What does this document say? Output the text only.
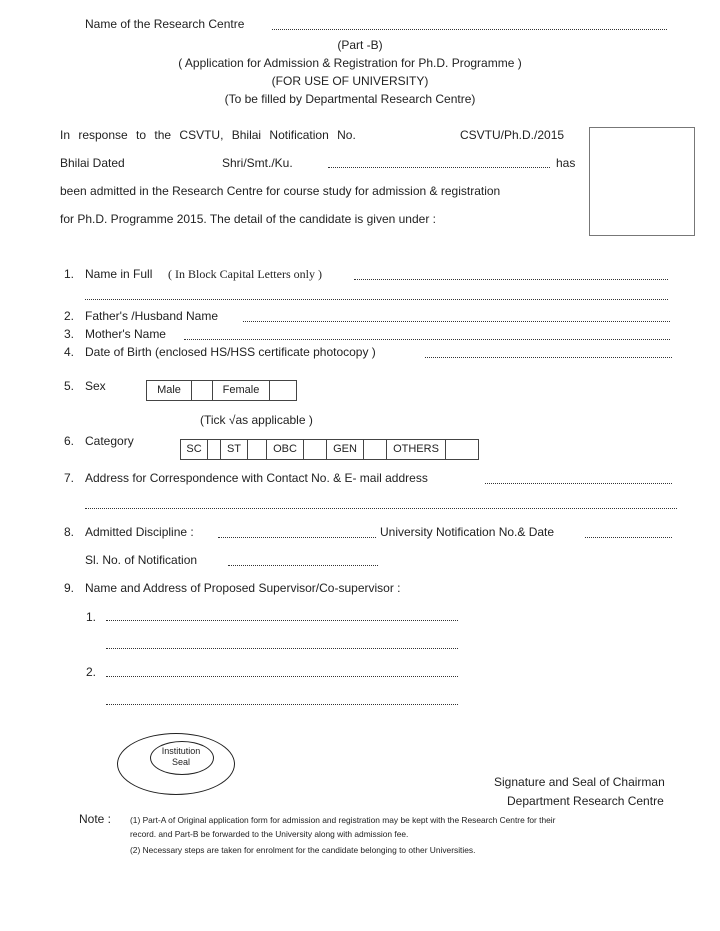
Name of the Research Centre
(Part -B)
( Application for Admission & Registration for Ph.D. Programme )
(FOR USE OF UNIVERSITY)
(To be filled by Departmental Research Centre)
In response to the CSVTU, Bhilai Notification No.	CSVTU/Ph.D./2015
Bhilai Dated	Shri/Smt./Ku.	has
been admitted in the Research Centre for course study for admission & registration
for Ph.D. Programme 2015. The detail of the candidate is given under :
1. Name in Full ( In Block Capital Letters only )
2. Father's /Husband Name
3. Mother's Name
4. Date of Birth (enclosed HS/HSS certificate photocopy )
5. Sex	Male	Female
(Tick √as applicable )
6. Category
SC	ST	OBC	GEN	OTHERS
7. Address for Correspondence with Contact No. & E- mail address
8. Admitted Discipline :	University Notification No.& Date
Sl. No. of Notification
9. Name and Address of Proposed Supervisor/Co-supervisor :
1.
2.
Institution
Seal
Signature and Seal of Chairman
Department Research Centre
Note : (1) Part-A of Original application form for admission and registration may be kept with the Research Centre for their
record. and Part-B be forwarded to the University along with admission fee.
(2) Necessary steps are taken for enrolment for the candidate belonging to other Universities.
